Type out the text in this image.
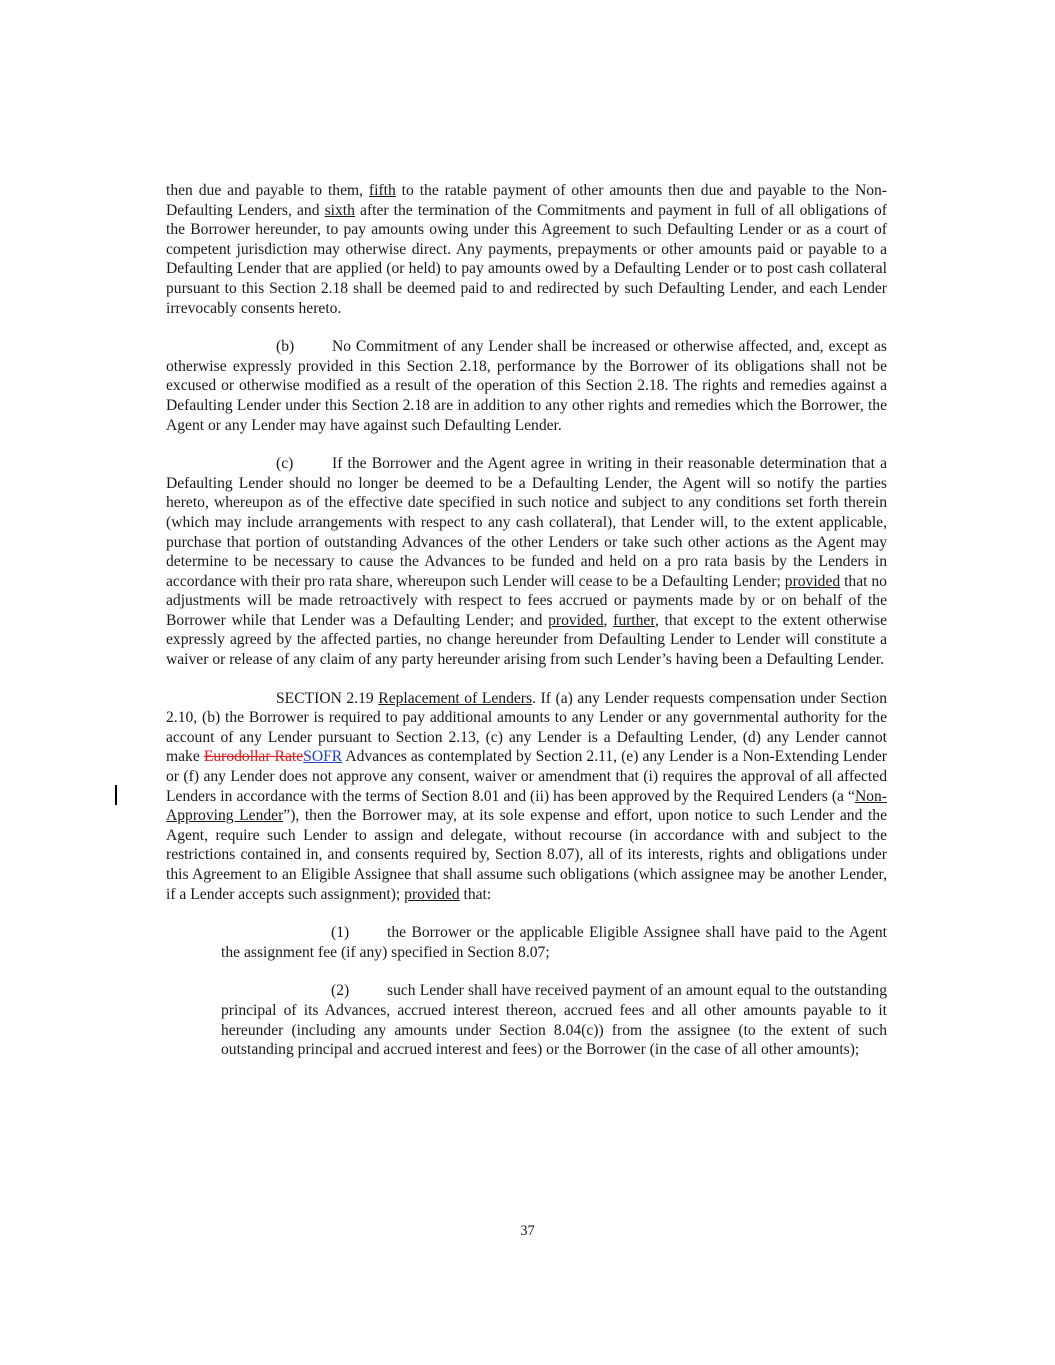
then due and payable to them, fifth to the ratable payment of other amounts then due and payable to the Non-Defaulting Lenders, and sixth after the termination of the Commitments and payment in full of all obligations of the Borrower hereunder, to pay amounts owing under this Agreement to such Defaulting Lender or as a court of competent jurisdiction may otherwise direct. Any payments, prepayments or other amounts paid or payable to a Defaulting Lender that are applied (or held) to pay amounts owed by a Defaulting Lender or to post cash collateral pursuant to this Section 2.18 shall be deemed paid to and redirected by such Defaulting Lender, and each Lender irrevocably consents hereto.

(b) No Commitment of any Lender shall be increased or otherwise affected, and, except as otherwise expressly provided in this Section 2.18, performance by the Borrower of its obligations shall not be excused or otherwise modified as a result of the operation of this Section 2.18. The rights and remedies against a Defaulting Lender under this Section 2.18 are in addition to any other rights and remedies which the Borrower, the Agent or any Lender may have against such Defaulting Lender.

(c) If the Borrower and the Agent agree in writing in their reasonable determination that a Defaulting Lender should no longer be deemed to be a Defaulting Lender, the Agent will so notify the parties hereto, whereupon as of the effective date specified in such notice and subject to any conditions set forth therein (which may include arrangements with respect to any cash collateral), that Lender will, to the extent applicable, purchase that portion of outstanding Advances of the other Lenders or take such other actions as the Agent may determine to be necessary to cause the Advances to be funded and held on a pro rata basis by the Lenders in accordance with their pro rata share, whereupon such Lender will cease to be a Defaulting Lender; provided that no adjustments will be made retroactively with respect to fees accrued or payments made by or on behalf of the Borrower while that Lender was a Defaulting Lender; and provided, further, that except to the extent otherwise expressly agreed by the affected parties, no change hereunder from Defaulting Lender to Lender will constitute a waiver or release of any claim of any party hereunder arising from such Lender’s having been a Defaulting Lender.

SECTION 2.19 Replacement of Lenders. If (a) any Lender requests compensation under Section 2.10, (b) the Borrower is required to pay additional amounts to any Lender or any governmental authority for the account of any Lender pursuant to Section 2.13, (c) any Lender is a Defaulting Lender, (d) any Lender cannot make Eurodollar RateSOFR Advances as contemplated by Section 2.11, (e) any Lender is a Non-Extending Lender or (f) any Lender does not approve any consent, waiver or amendment that (i) requires the approval of all affected Lenders in accordance with the terms of Section 8.01 and (ii) has been approved by the Required Lenders (a “Non-Approving Lender”), then the Borrower may, at its sole expense and effort, upon notice to such Lender and the Agent, require such Lender to assign and delegate, without recourse (in accordance with and subject to the restrictions contained in, and consents required by, Section 8.07), all of its interests, rights and obligations under this Agreement to an Eligible Assignee that shall assume such obligations (which assignee may be another Lender, if a Lender accepts such assignment); provided that:

(1) the Borrower or the applicable Eligible Assignee shall have paid to the Agent the assignment fee (if any) specified in Section 8.07;

(2) such Lender shall have received payment of an amount equal to the outstanding principal of its Advances, accrued interest thereon, accrued fees and all other amounts payable to it hereunder (including any amounts under Section 8.04(c)) from the assignee (to the extent of such outstanding principal and accrued interest and fees) or the Borrower (in the case of all other amounts);

37
